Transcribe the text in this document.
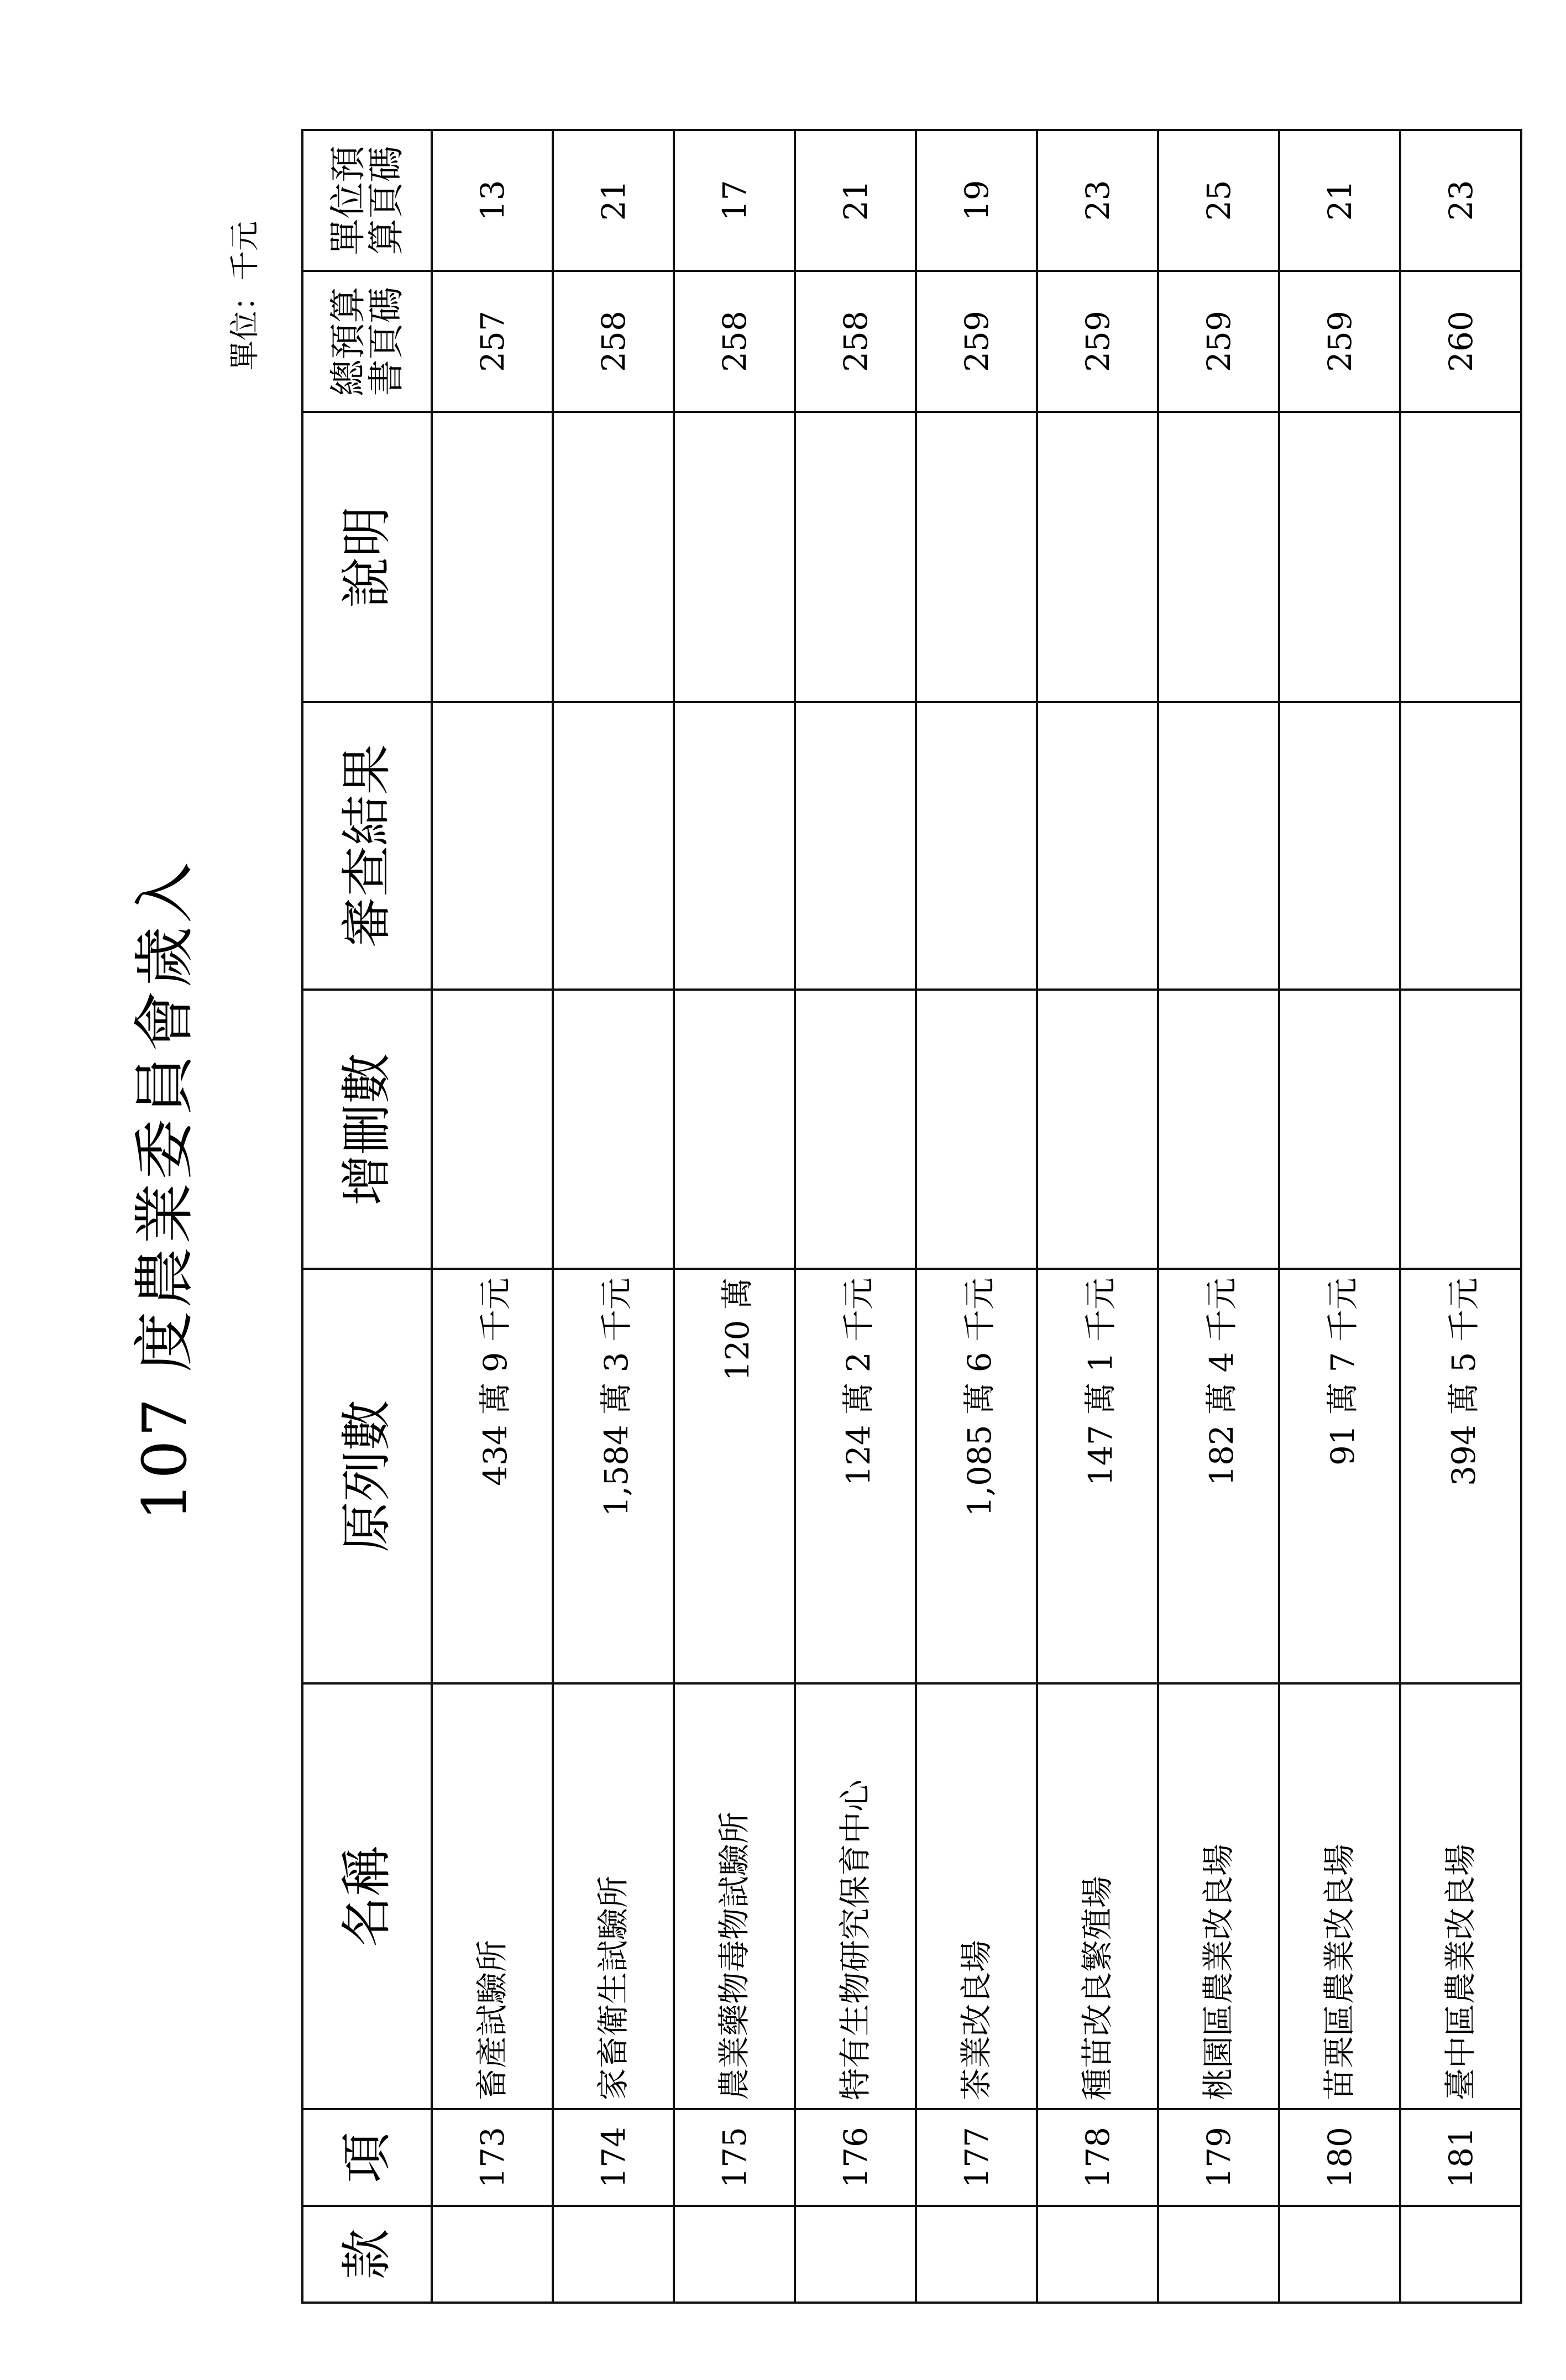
107 度農業委員會歲入
單位：千元
款	項	名稱	原列數	增刪數	審查結果	說明	總預算書頁碼	單位預算頁碼
	173	畜產試驗所	434 萬 9 千元				257	13
	174	家畜衛生試驗所	1,584 萬 3 千元				258	21
	175	農業藥物毒物試驗所	120 萬				258	17
	176	特有生物研究保育中心	124 萬 2 千元				258	21
	177	茶業改良場	1,085 萬 6 千元				259	19
	178	種苗改良繁殖場	147 萬 1 千元				259	23
	179	桃園區農業改良場	182 萬 4 千元				259	25
	180	苗栗區農業改良場	91 萬 7 千元				259	21
	181	臺中區農業改良場	394 萬 5 千元				260	23
